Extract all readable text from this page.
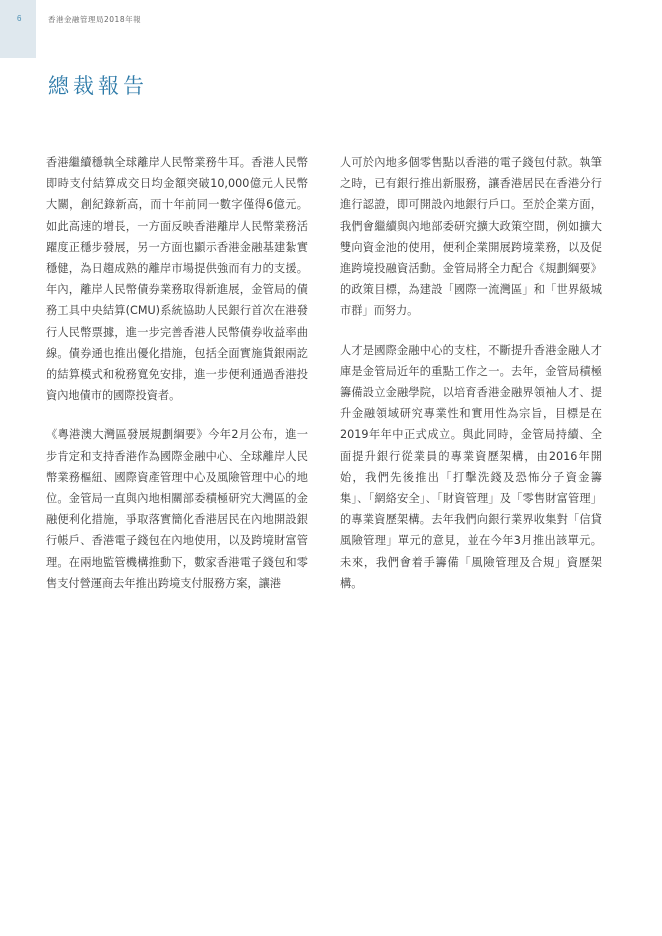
6	香港金融管理局2018年報
總裁報告

香港繼續穩執全球離岸人民幣業務牛耳。香港人民幣即時支付結算成交日均金額突破10,000億元人民幣大關，創紀錄新高，而十年前同一數字僅得6億元。如此高速的增長，一方面反映香港離岸人民幣業務活躍度正穩步發展，另一方面也顯示香港金融基建紮實穩健，為日趨成熟的離岸市場提供強而有力的支援。年內，離岸人民幣債券業務取得新進展，金管局的債務工具中央結算(CMU)系統協助人民銀行首次在港發行人民幣票據，進一步完善香港人民幣債券收益率曲線。債券通也推出優化措施，包括全面實施貨銀兩訖的結算模式和稅務寬免安排，進一步便利通過香港投資內地債市的國際投資者。

《粵港澳大灣區發展規劃綱要》今年2月公布，進一步肯定和支持香港作為國際金融中心、全球離岸人民幣業務樞紐、國際資產管理中心及風險管理中心的地位。金管局一直與內地相關部委積極研究大灣區的金融便利化措施，爭取落實簡化香港居民在內地開設銀行帳戶、香港電子錢包在內地使用，以及跨境財富管理。在兩地監管機構推動下，數家香港電子錢包和零售支付營運商去年推出跨境支付服務方案，讓港

人可於內地多個零售點以香港的電子錢包付款。執筆之時，已有銀行推出新服務，讓香港居民在香港分行進行認證，即可開設內地銀行戶口。至於企業方面，我們會繼續與內地部委研究擴大政策空間，例如擴大雙向資金池的使用，便利企業開展跨境業務，以及促進跨境投融資活動。金管局將全力配合《規劃綱要》的政策目標，為建設「國際一流灣區」和「世界級城市群」而努力。

人才是國際金融中心的支柱，不斷提升香港金融人才庫是金管局近年的重點工作之一。去年，金管局積極籌備設立金融學院，以培育香港金融界領袖人才、提升金融領域研究專業性和實用性為宗旨，目標是在2019年年中正式成立。與此同時，金管局持續、全面提升銀行從業員的專業資歷架構，由2016年開始，我們先後推出「打擊洗錢及恐怖分子資金籌集」、「網絡安全」、「財資管理」及「零售財富管理」的專業資歷架構。去年我們向銀行業界收集對「信貸風險管理」單元的意見，並在今年3月推出該單元。未來，我們會着手籌備「風險管理及合規」資歷架構。
